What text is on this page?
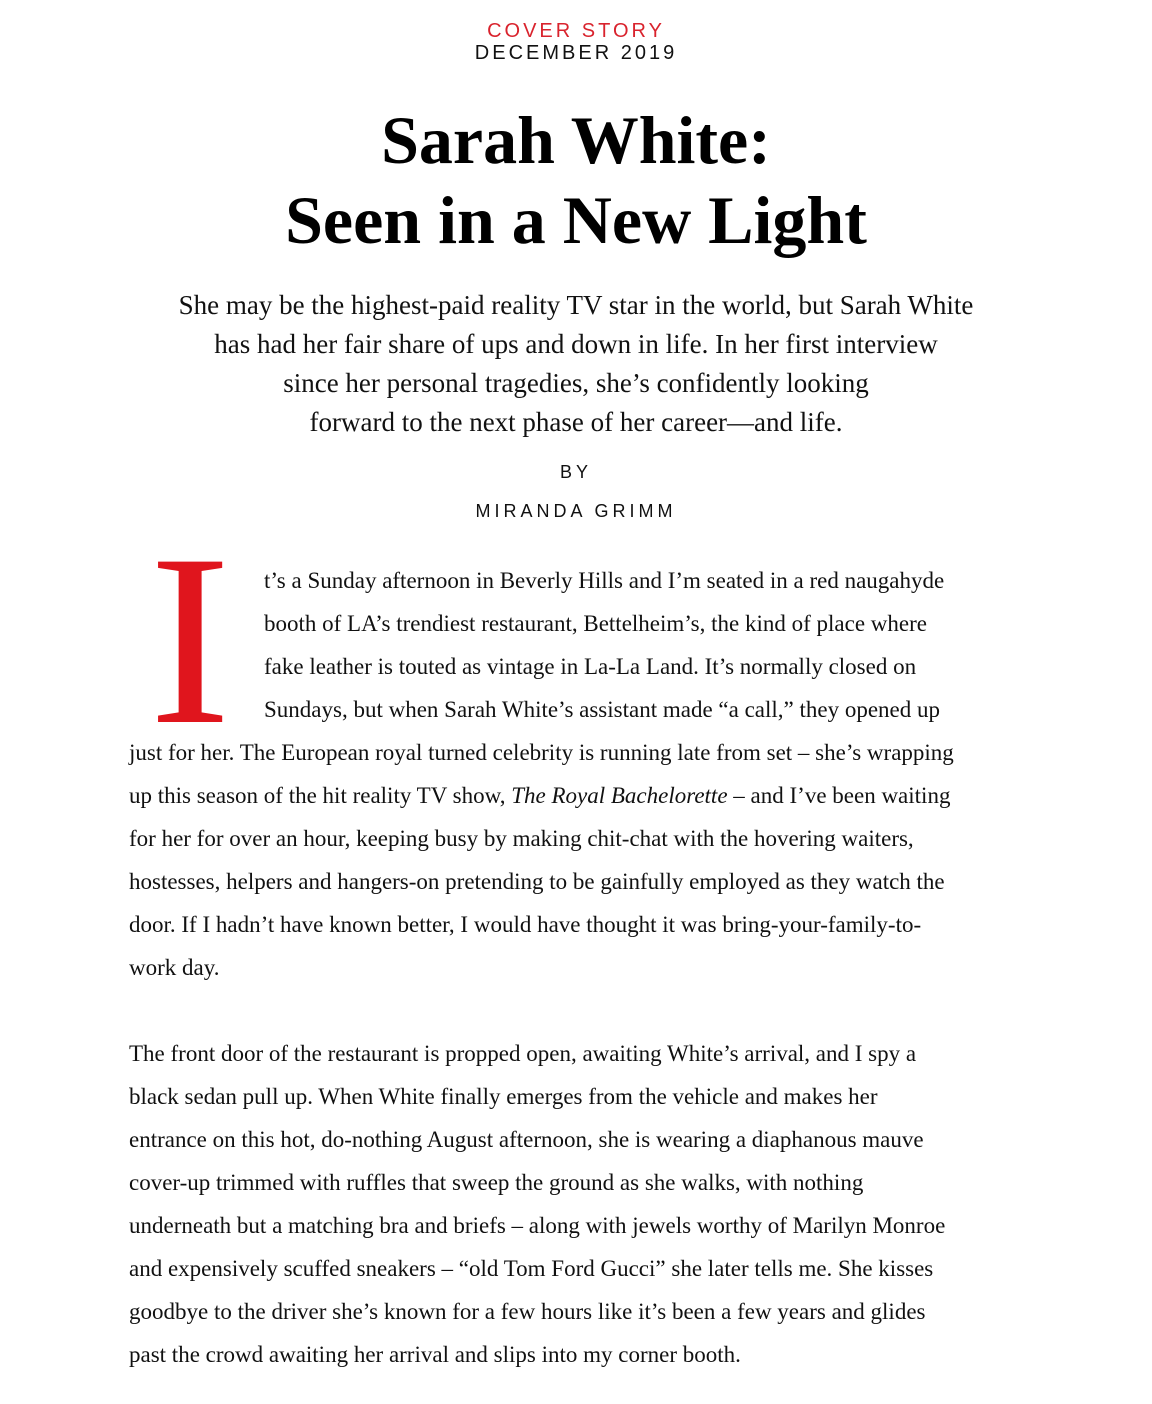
COVER STORY
DECEMBER 2019
Sarah White:
Seen in a New Light
She may be the highest-paid reality TV star in the world, but Sarah White
has had her fair share of ups and down in life. In her first interview
since her personal tragedies, she’s confidently looking
forward to the next phase of her career—and life.
BY
MIRANDA GRIMM
I	t’s a Sunday afternoon in Beverly Hills and I’m seated in a red naugahyde
booth of LA’s trendiest restaurant, Bettelheim’s, the kind of place where
fake leather is touted as vintage in La-La Land. It’s normally closed on
Sundays, but when Sarah White’s assistant made “a call,” they opened up
just for her. The European royal turned celebrity is running late from set – she’s wrapping
up this season of the hit reality TV show, The Royal Bachelorette – and I’ve been waiting
for her for over an hour, keeping busy by making chit-chat with the hovering waiters,
hostesses, helpers and hangers-on pretending to be gainfully employed as they watch the
door. If I hadn’t have known better, I would have thought it was bring-your-family-to-
work day.
The front door of the restaurant is propped open, awaiting White’s arrival, and I spy a
black sedan pull up. When White finally emerges from the vehicle and makes her
entrance on this hot, do-nothing August afternoon, she is wearing a diaphanous mauve
cover-up trimmed with ruffles that sweep the ground as she walks, with nothing
underneath but a matching bra and briefs – along with jewels worthy of Marilyn Monroe
and expensively scuffed sneakers – “old Tom Ford Gucci” she later tells me. She kisses
goodbye to the driver she’s known for a few hours like it’s been a few years and glides
past the crowd awaiting her arrival and slips into my corner booth.
